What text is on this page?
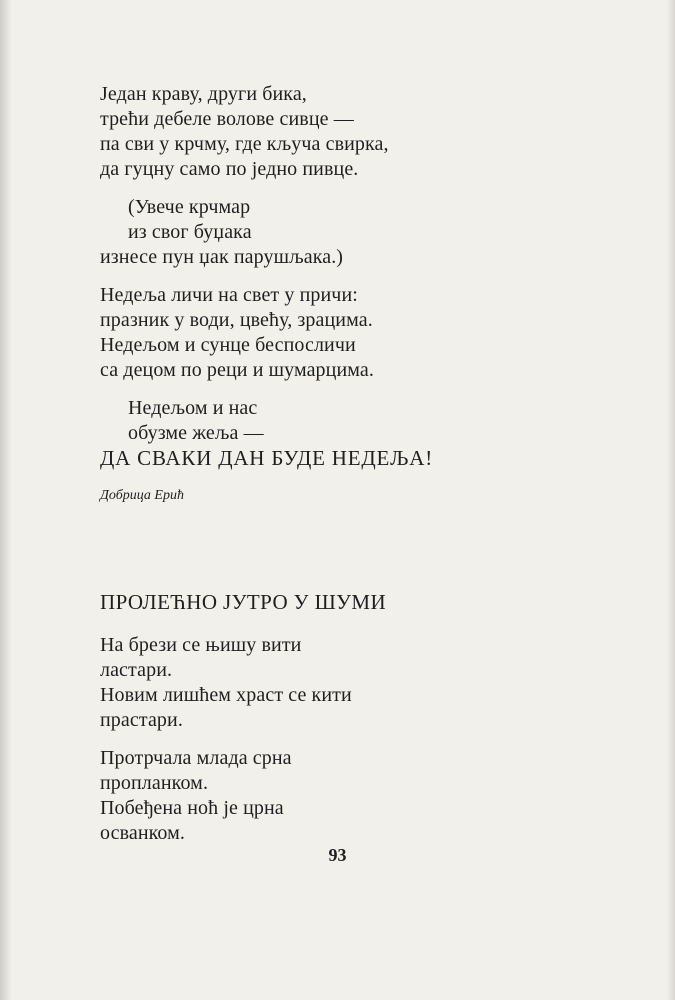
Један краву, други бика,
трећи дебеле волове сивце —
па сви у крчму, где кључа свирка,
да гуцну само по једно пивце.
(Увече крчмар
из свог буџака
изнесе пун џак парушљака.)
Недеља личи на свет у причи:
празник у води, цвећу, зрацима.
Недељом и сунце беспосличи
са децом по реци и шумарцима.
Недељом и нас
обузме жеља —
ДА СВАКИ ДАН БУДЕ НЕДЕЉА!
Добрица Ерић
ПРОЛЕЋНО ЈУТРО У ШУМИ
На брези се њишу вити
ластари.
Новим лишћем храст се кити
прастари.
Протрчала млада срна
пропланком.
Побеђена ноћ је црна
осванком.
93
